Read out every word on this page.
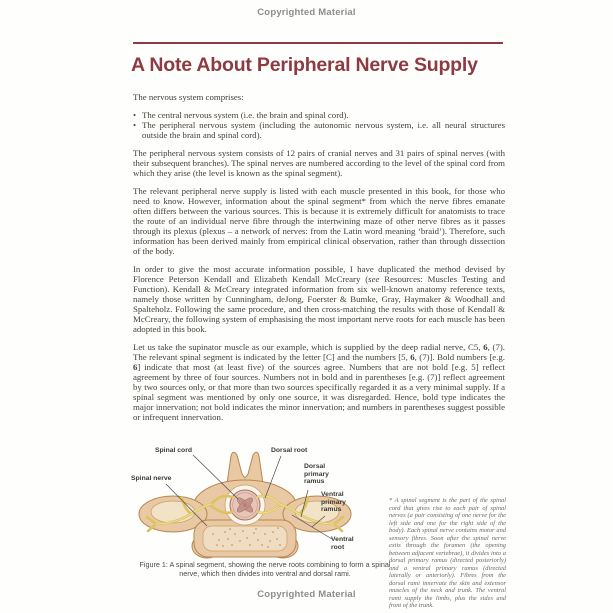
Copyrighted Material
A Note About Peripheral Nerve Supply

The nervous system comprises:

• The central nervous system (i.e. the brain and spinal cord).
• The peripheral nervous system (including the autonomic nervous system, i.e. all neural structures outside the brain and spinal cord).

The peripheral nervous system consists of 12 pairs of cranial nerves and 31 pairs of spinal nerves (with their subsequent branches). The spinal nerves are numbered according to the level of the spinal cord from which they arise (the level is known as the spinal segment).

The relevant peripheral nerve supply is listed with each muscle presented in this book, for those who need to know. However, information about the spinal segment* from which the nerve fibres emanate often differs between the various sources. This is because it is extremely difficult for anatomists to trace the route of an individual nerve fibre through the intertwining maze of other nerve fibres as it passes through its plexus (plexus – a network of nerves: from the Latin word meaning ‘braid’). Therefore, such information has been derived mainly from empirical clinical observation, rather than through dissection of the body.

In order to give the most accurate information possible, I have duplicated the method devised by Florence Peterson Kendall and Elizabeth Kendall McCreary (see Resources: Muscles Testing and Function). Kendall & McCreary integrated information from six well-known anatomy reference texts, namely those written by Cunningham, deJong, Foerster & Bumke, Gray, Haymaker & Woodhall and Spalteholz. Following the same procedure, and then cross-matching the results with those of Kendall & McCreary, the following system of emphasising the most important nerve roots for each muscle has been adopted in this book.

Let us take the supinator muscle as our example, which is supplied by the deep radial nerve, C5, 6, (7). The relevant spinal segment is indicated by the letter [C] and the numbers [5, 6, (7)]. Bold numbers [e.g. 6] indicate that most (at least five) of the sources agree. Numbers that are not bold [e.g. 5] reflect agreement by three of four sources. Numbers not in bold and in parentheses [e.g. (7)] reflect agreement by two sources only, or that more than two sources specifically regarded it as a very minimal supply. If a spinal segment was mentioned by only one source, it was disregarded. Hence, bold type indicates the major innervation; not bold indicates the minor innervation; and numbers in parentheses suggest possible or infrequent innervation.

Spinal cord	Dorsal root
Spinal nerve
Dorsal primary ramus
Ventral primary ramus
Ventral root
Figure 1: A spinal segment, showing the nerve roots combining to form a spinal nerve, which then divides into ventral and dorsal rami.
* A spinal segment is the part of the spinal cord that gives rise to each pair of spinal nerves (a pair consisting of one nerve for the left side and one for the right side of the body). Each spinal nerve contains motor and sensory fibres. Soon after the spinal nerve exits through the foramen (the opening between adjacent vertebrae), it divides into a dorsal primary ramus (directed posteriorly) and a ventral primary ramus (directed laterally or anteriorly). Fibres from the dorsal rami innervate the skin and extensor muscles of the neck and trunk. The ventral rami supply the limbs, plus the sides and front of the trunk.
Copyrighted Material
